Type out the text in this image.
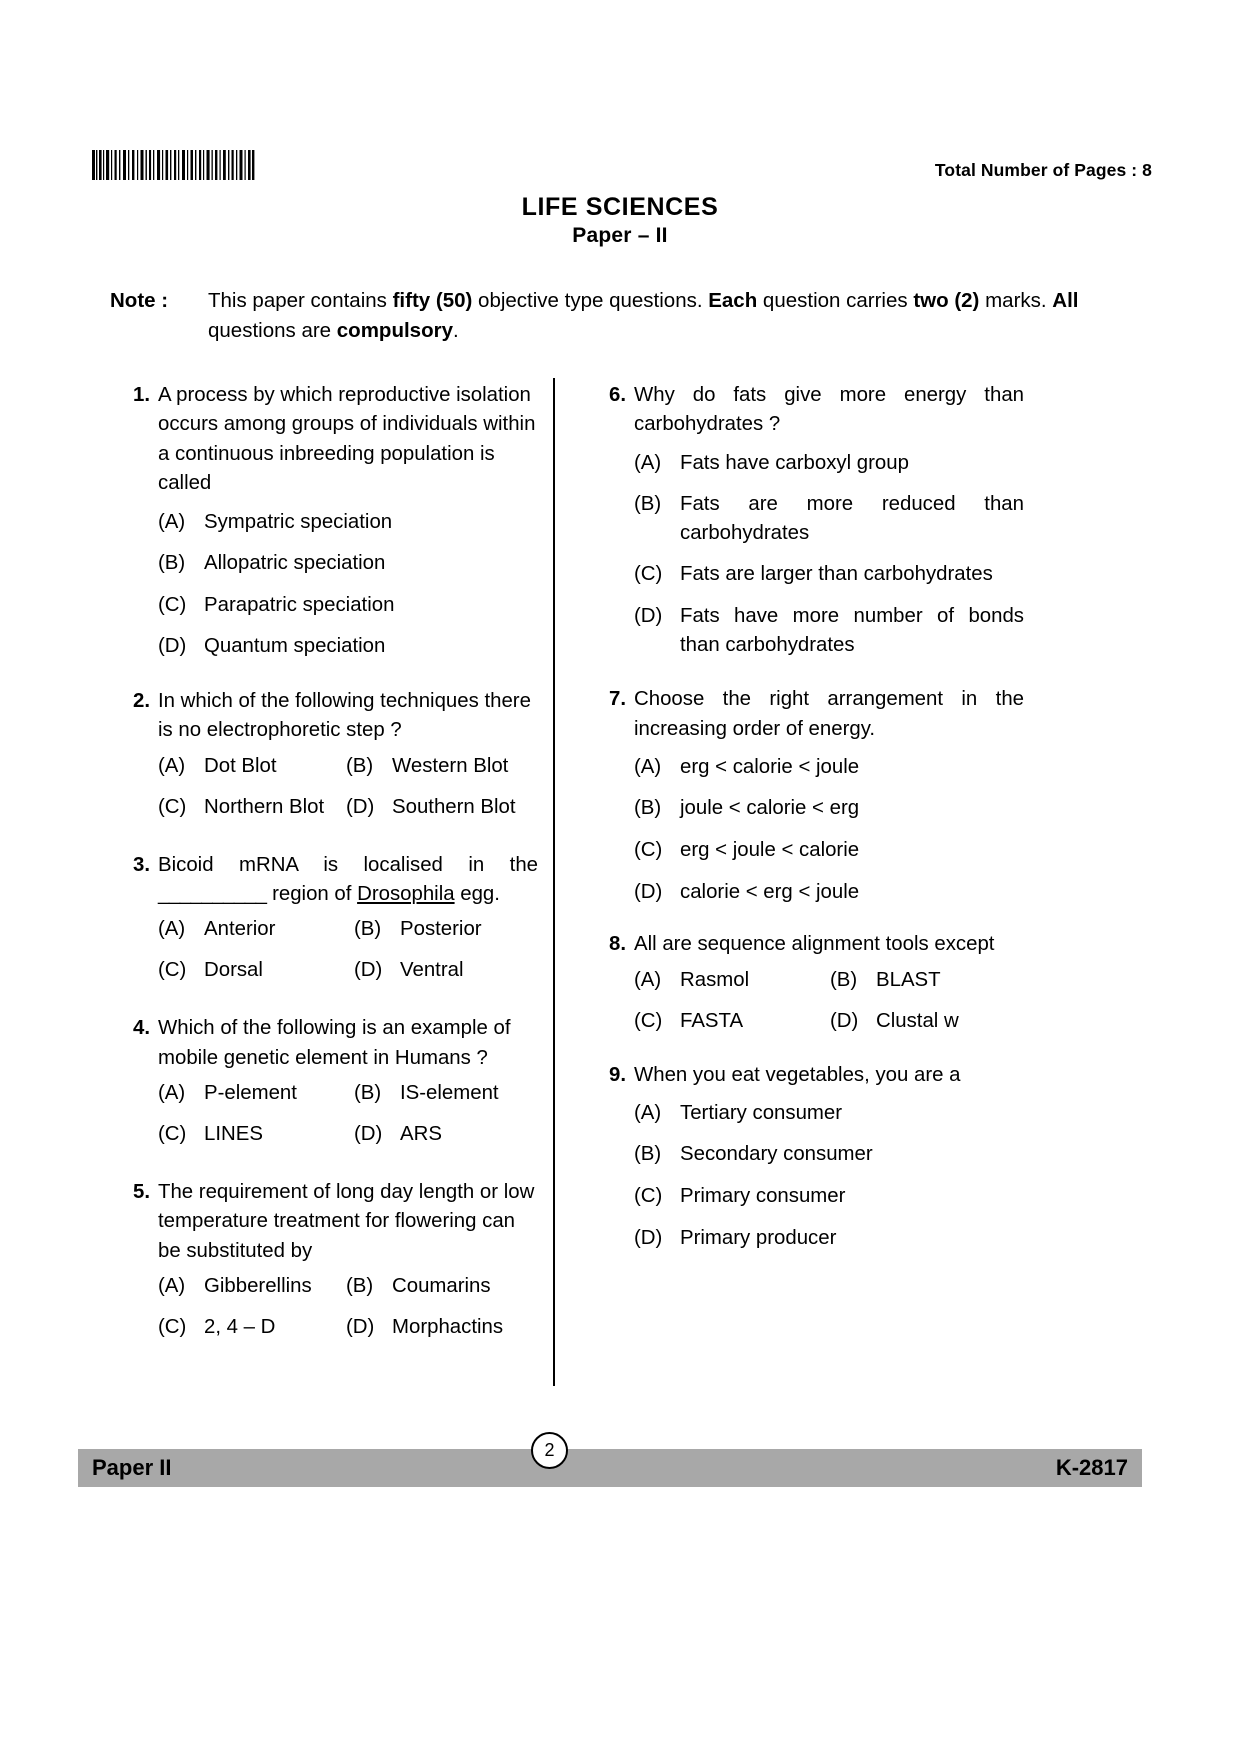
Total Number of Pages : 8
LIFE SCIENCES
Paper – II
Note : This paper contains fifty (50) objective type questions. Each question carries two (2) marks. All questions are compulsory.
1. A process by which reproductive isolation occurs among groups of individuals within a continuous inbreeding population is called
(A) Sympatric speciation
(B) Allopatric speciation
(C) Parapatric speciation
(D) Quantum speciation
2. In which of the following techniques there is no electrophoretic step ?
(A) Dot Blot	(B) Western Blot
(C) Northern Blot (D) Southern Blot
3. Bicoid mRNA is localised in the __________ region of Drosophila egg.
(A) Anterior	(B) Posterior
(C) Dorsal	(D) Ventral
4. Which of the following is an example of mobile genetic element in Humans ?
(A) P-element	(B) IS-element
(C) LINES	(D) ARS
5. The requirement of long day length or low temperature treatment for flowering can be substituted by
(A) Gibberellins (B) Coumarins
(C) 2, 4 – D	(D) Morphactins
6. Why do fats give more energy than carbohydrates ?
(A) Fats have carboxyl group
(B) Fats are more reduced than carbohydrates
(C) Fats are larger than carbohydrates
(D) Fats have more number of bonds than carbohydrates
7. Choose the right arrangement in the increasing order of energy.
(A) erg < calorie < joule
(B) joule < calorie < erg
(C) erg < joule < calorie
(D) calorie < erg < joule
8. All are sequence alignment tools except
(A) Rasmol	(B) BLAST
(C) FASTA	(D) Clustal w
9. When you eat vegetables, you are a
(A) Tertiary consumer
(B) Secondary consumer
(C) Primary consumer
(D) Primary producer
Paper II	K-2817
2
